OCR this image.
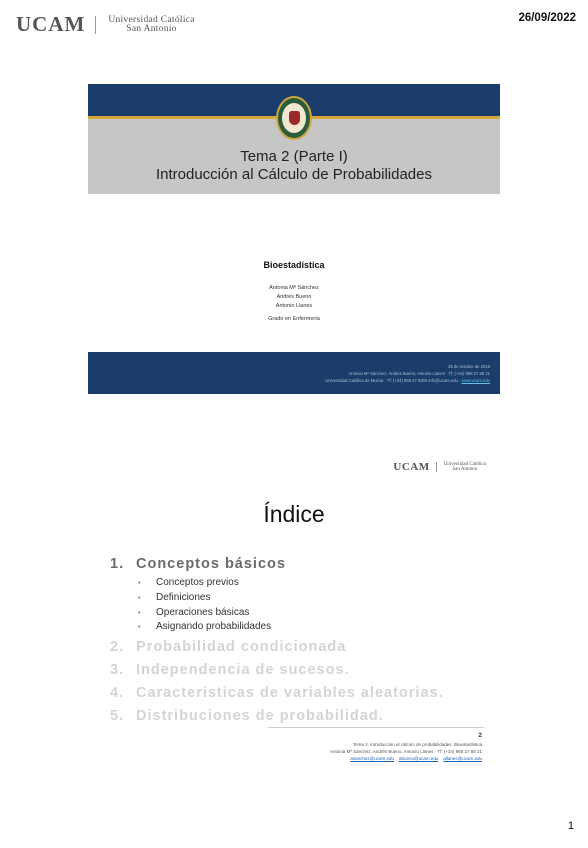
UCAM Universidad Católica
San Antonio
26/09/2022
Tema 2 (Parte I)
Introducción al Cálculo de Probabilidades
Bioestadística
Antonia Mª Sánchez
Andrés Bueno
Antonio Llanes
Grado en Enfermería
29 de octubre de 2016
Antonia Mª Sánchez, Andrés Bueno, Antonio Llanes · Tf: (+34) 968 27 88 21
Universidad Católica de Murcia · Tf: (+34) 968 27 8800 info@ucam.edu · www.ucam.edu
UCAM	Universidad Católica
San Antonio
Índice
1. Conceptos básicos
• Conceptos previos
• Definiciones
• Operaciones básicas
• Asignando probabilidades
2. Probabilidad condicionada
3. Independencia de sucesos.
4. Características de variables aleatorias.
5. Distribuciones de probabilidad.
2
Tema 2. Introducción al cálculo de probabilidades. Bioestadística
Antonia Mª Sánchez, Andrés Bueno, Antonio Llanes · Tf: (+34) 968 27 88 21
asanchez@ucam.edu abueno@ucam.edu allanes@ucam.edu
1
